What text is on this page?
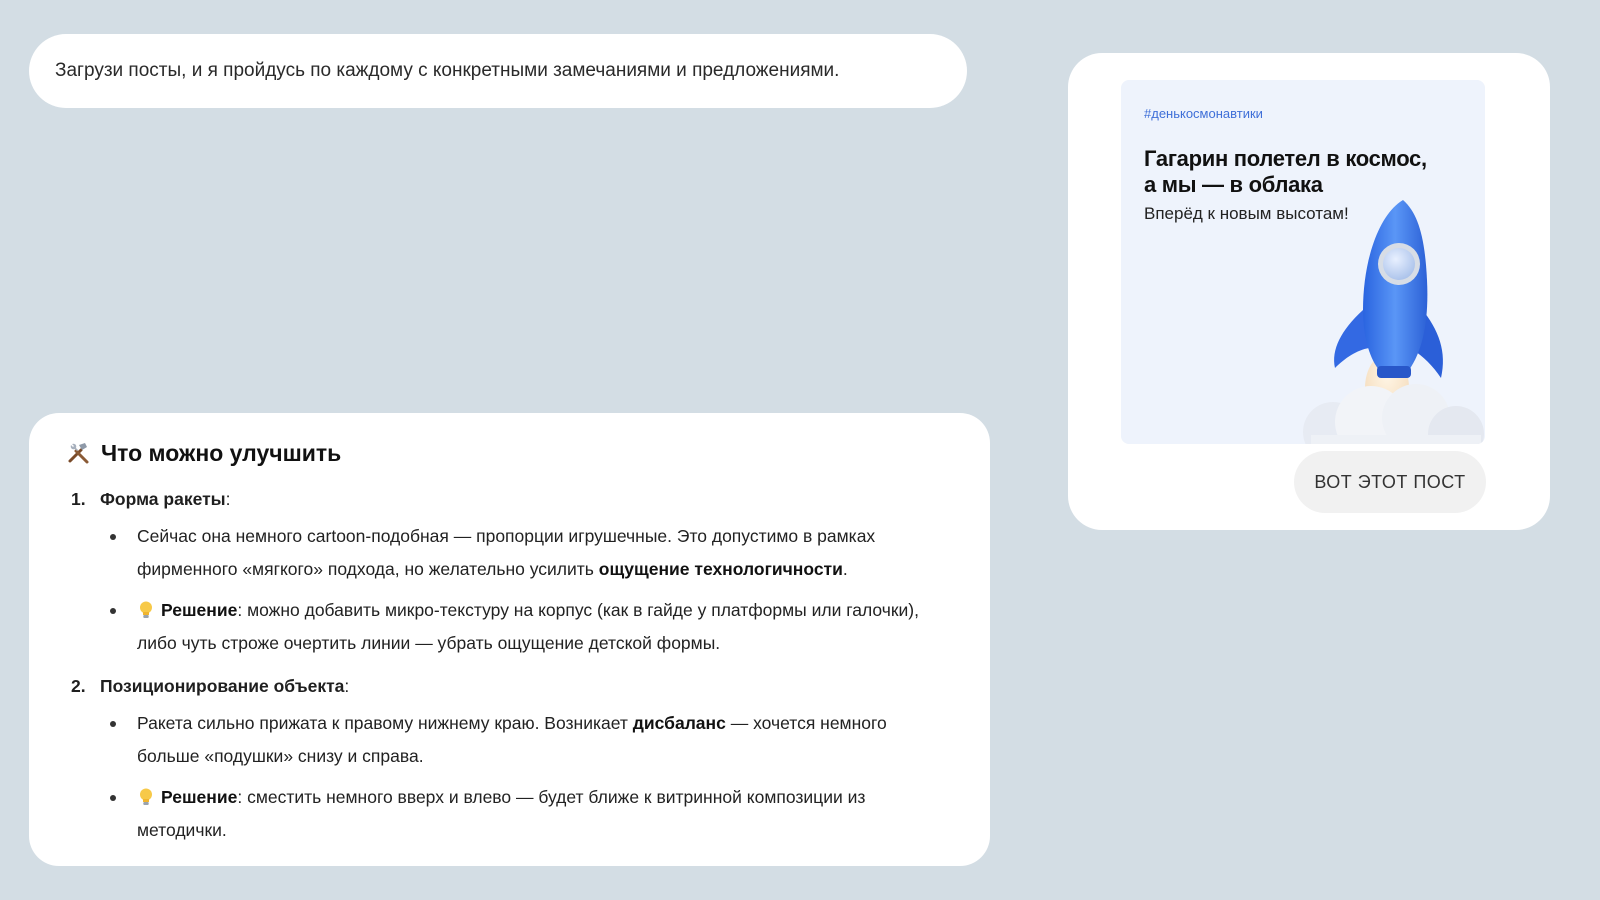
Загрузи посты, и я пройдусь по каждому с конкретными замечаниями и предложениями.
#денькосмонавтики
Гагарин полетел в космос,
а мы — в облака
Вперёд к новым высотам!
ВОТ ЭТОТ ПОСТ
Что можно улучшить
1. Форма ракеты :
Сейчас она немного cartoon-подобная — пропорции игрушечные. Это допустимо в рамках фирменного «мягкого» подхода, но желательно усилить ощущение технологичности.
Решение: можно добавить микро-текстуру на корпус (как в гайде у платформы или галочки), либо чуть строже очертить линии — убрать ощущение детской формы.
2. Позиционирование объекта :
Ракета сильно прижата к правому нижнему краю. Возникает дисбаланс — хочется немного больше «подушки» снизу и справа.
Решение: сместить немного вверх и влево — будет ближе к витринной композиции из методички.
